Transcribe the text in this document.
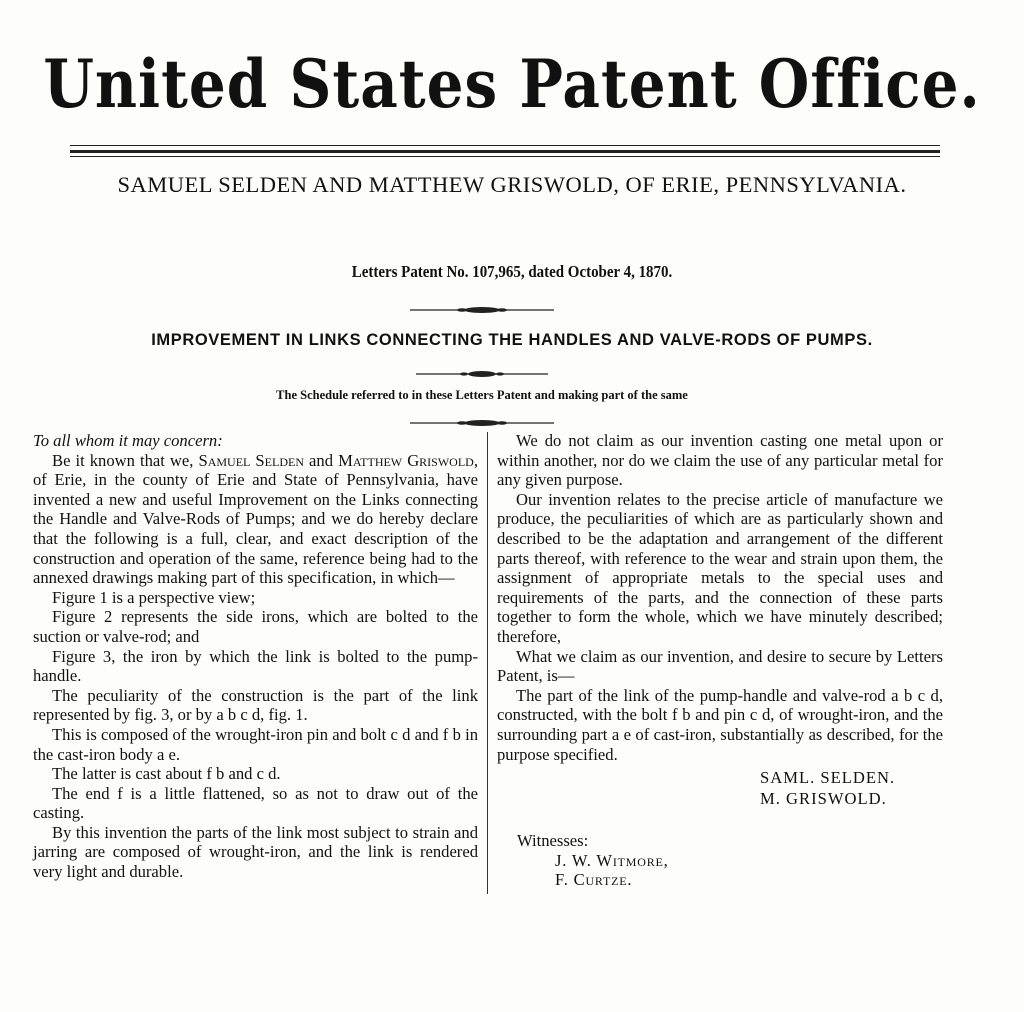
United States Patent Office.
SAMUEL SELDEN AND MATTHEW GRISWOLD, OF ERIE, PENNSYLVANIA.
Letters Patent No. 107,965, dated October 4, 1870.
IMPROVEMENT IN LINKS CONNECTING THE HANDLES AND VALVE-RODS OF PUMPS.
The Schedule referred to in these Letters Patent and making part of the same

To all whom it may concern:

Be it known that we, Samuel Selden and Matthew Griswold, of Erie, in the county of Erie and State of Pennsylvania, have invented a new and useful Improvement on the Links connecting the Handle and Valve-Rods of Pumps; and we do hereby declare that the following is a full, clear, and exact description of the construction and operation of the same, reference being had to the annexed drawings making part of this specification, in which—

Figure 1 is a perspective view;

Figure 2 represents the side irons, which are bolted to the suction or valve-rod; and

Figure 3, the iron by which the link is bolted to the pump-handle.

The peculiarity of the construction is the part of the link represented by fig. 3, or by a b c d, fig. 1.

This is composed of the wrought-iron pin and bolt c d and f b in the cast-iron body a e.

The latter is cast about f b and c d.

The end f is a little flattened, so as not to draw out of the casting.

By this invention the parts of the link most subject to strain and jarring are composed of wrought-iron, and the link is rendered very light and durable.

We do not claim as our invention casting one metal upon or within another, nor do we claim the use of any particular metal for any given purpose.

Our invention relates to the precise article of manufacture we produce, the peculiarities of which are as particularly shown and described to be the adaptation and arrangement of the different parts thereof, with reference to the wear and strain upon them, the assignment of appropriate metals to the special uses and requirements of the parts, and the connection of these parts together to form the whole, which we have minutely described; therefore,

What we claim as our invention, and desire to secure by Letters Patent, is—

The part of the link of the pump-handle and valve-rod a b c d, constructed, with the bolt f b and pin c d, of wrought-iron, and the surrounding part a e of cast-iron, substantially as described, for the purpose specified.

SAML. SELDEN.
M. GRISWOLD.
Witnesses:
J. W. Witmore,
F. Curtze.
